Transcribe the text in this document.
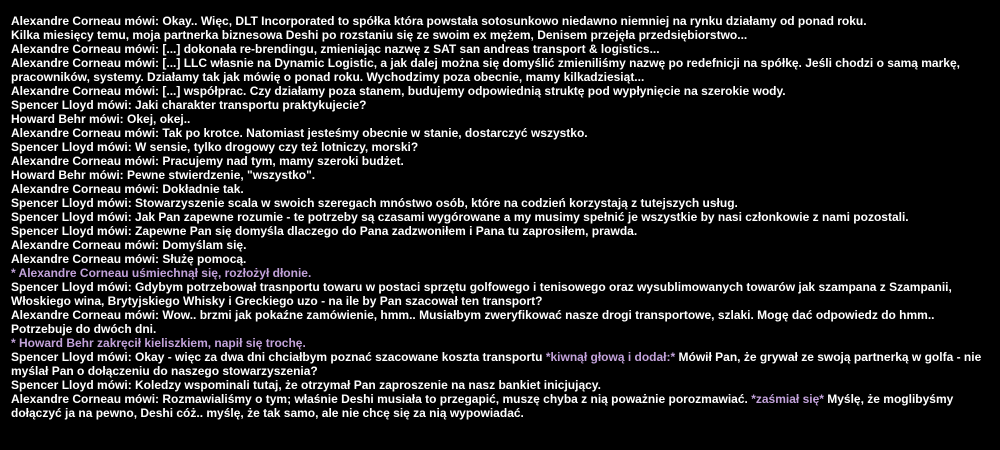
Alexandre Corneau mówi: Okay.. Więc, DLT Incorporated to spółka która powstała sotosunkowo niedawno niemniej na rynku działamy od ponad roku.
Kilka miesięcy temu, moja partnerka biznesowa Deshi po rozstaniu się ze swoim ex mężem, Denisem przejęła przedsiębiorstwo...
Alexandre Corneau mówi: [...] dokonała re-brendingu, zmieniając nazwę z SAT san andreas transport & logistics...
Alexandre Corneau mówi: [...] LLC własnie na Dynamic Logistic, a jak dalej można się domyślić zmieniliśmy nazwę po redefnicji na spółkę. Jeśli chodzi o samą markę, pracowników, systemy. Działamy tak jak mówię o ponad roku. Wychodzimy poza obecnie, mamy kilkadziesiąt...
Alexandre Corneau mówi: [...] współprac. Czy działamy poza stanem, budujemy odpowiednią struktę pod wypłynięcie na szerokie wody.
Spencer Lloyd mówi: Jaki charakter transportu praktykujecie?
Howard Behr mówi: Okej, okej..
Alexandre Corneau mówi: Tak po krotce. Natomiast jesteśmy obecnie w stanie, dostarczyć wszystko.
Spencer Lloyd mówi: W sensie, tylko drogowy czy też lotniczy, morski?
Alexandre Corneau mówi: Pracujemy nad tym, mamy szeroki budżet.
Howard Behr mówi: Pewne stwierdzenie, "wszystko".
Alexandre Corneau mówi: Dokładnie tak.
Spencer Lloyd mówi: Stowarzyszenie scala w swoich szeregach mnóstwo osób, które na codzień korzystają z tutejszych usług.
Spencer Lloyd mówi: Jak Pan zapewne rozumie - te potrzeby są czasami wygórowane a my musimy spełnić je wszystkie by nasi członkowie z nami pozostali.
Spencer Lloyd mówi: Zapewne Pan się domyśla dlaczego do Pana zadzwoniłem i Pana tu zaprosiłem, prawda.
Alexandre Corneau mówi: Domyślam się.
Alexandre Corneau mówi: Służę pomocą.
* Alexandre Corneau uśmiechnął się, rozłożył dłonie.
Spencer Lloyd mówi: Gdybym potrzebował trasnportu towaru w postaci sprzętu golfowego i tenisowego oraz wysublimowanych towarów jak szampana z Szampanii, Włoskiego wina, Brytyjskiego Whisky i Greckiego uzo - na ile by Pan szacował ten transport?
Alexandre Corneau mówi: Wow.. brzmi jak pokaźne zamówienie, hmm.. Musiałbym zweryfikować nasze drogi transportowe, szlaki. Mogę dać odpowiedz do hmm.. Potrzebuje do dwóch dni.
* Howard Behr zakręcił kieliszkiem, napił się trochę.
Spencer Lloyd mówi: Okay - więc za dwa dni chciałbym poznać szacowane koszta transportu *kiwnął głową i dodał:* Mówił Pan, że grywał ze swoją partnerką w golfa - nie myślał Pan o dołączeniu do naszego stowarzyszenia?
Spencer Lloyd mówi: Koledzy wspominali tutaj, że otrzymał Pan zaproszenie na nasz bankiet inicjujący.
Alexandre Corneau mówi: Rozmawialiśmy o tym; właśnie Deshi musiała to przegapić, muszę chyba z nią poważnie porozmawiać. *zaśmiał się* Myślę, że moglibyśmy dołączyć ja na pewno, Deshi cóż.. myślę, że tak samo, ale nie chcę się za nią wypowiadać.
